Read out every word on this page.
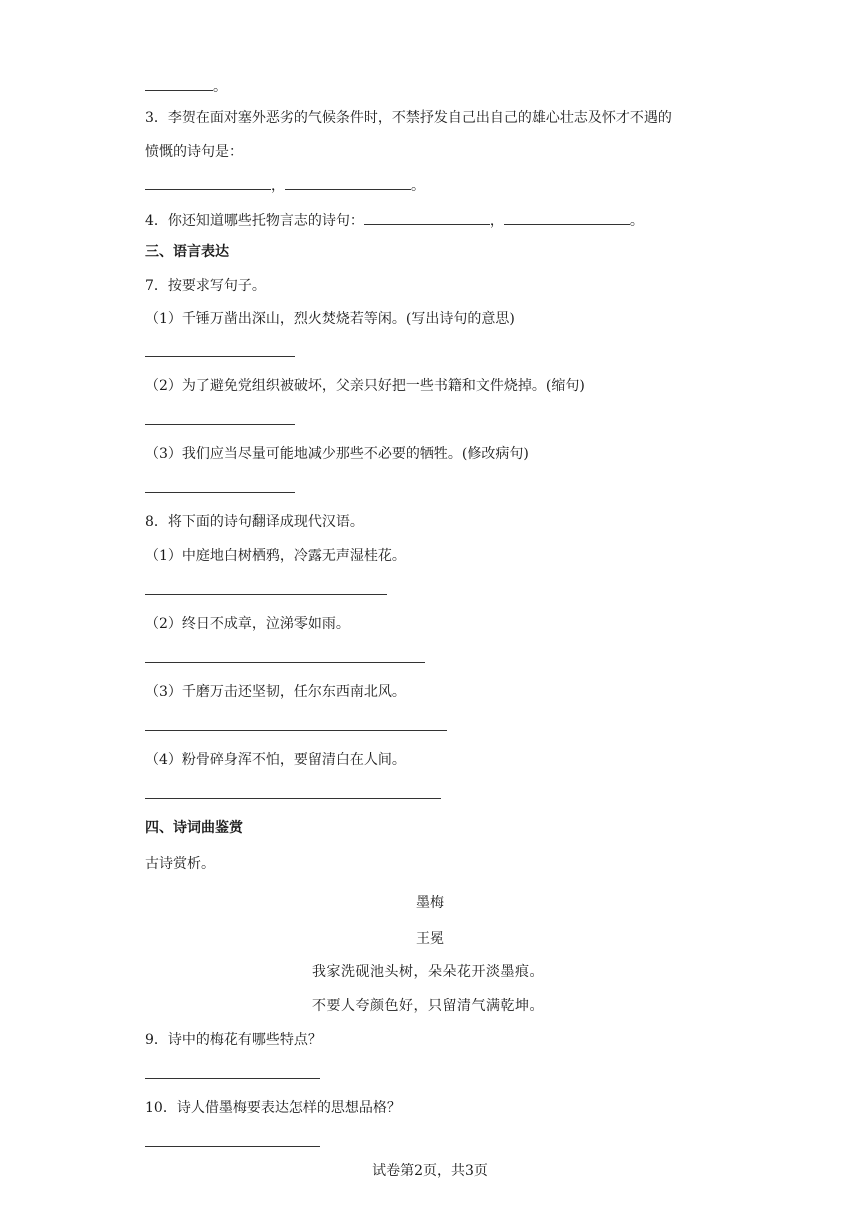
。
3．李贺在面对塞外恶劣的气候条件时，不禁抒发自己出自己的雄心壮志及怀才不遇的
愤慨的诗句是：
，	。
4．你还知道哪些托物言志的诗句：	，	。
三、语言表达
7．按要求写句子。
（1）千锤万凿出深山，烈火焚烧若等闲。(写出诗句的意思)
（2）为了避免党组织被破坏，父亲只好把一些书籍和文件烧掉。(缩句)
（3）我们应当尽量可能地减少那些不必要的牺牲。(修改病句)
8．将下面的诗句翻译成现代汉语。
（1）中庭地白树栖鸦，冷露无声湿桂花。
（2）终日不成章，泣涕零如雨。
（3）千磨万击还坚韧，任尔东西南北风。
（4）粉骨碎身浑不怕，要留清白在人间。
四、诗词曲鉴赏
古诗赏析。
墨梅
王冕
我家洗砚池头树，朵朵花开淡墨痕。
不要人夸颜色好，只留清气满乾坤。
9．诗中的梅花有哪些特点？
10．诗人借墨梅要表达怎样的思想品格？
试卷第2页，共3页
